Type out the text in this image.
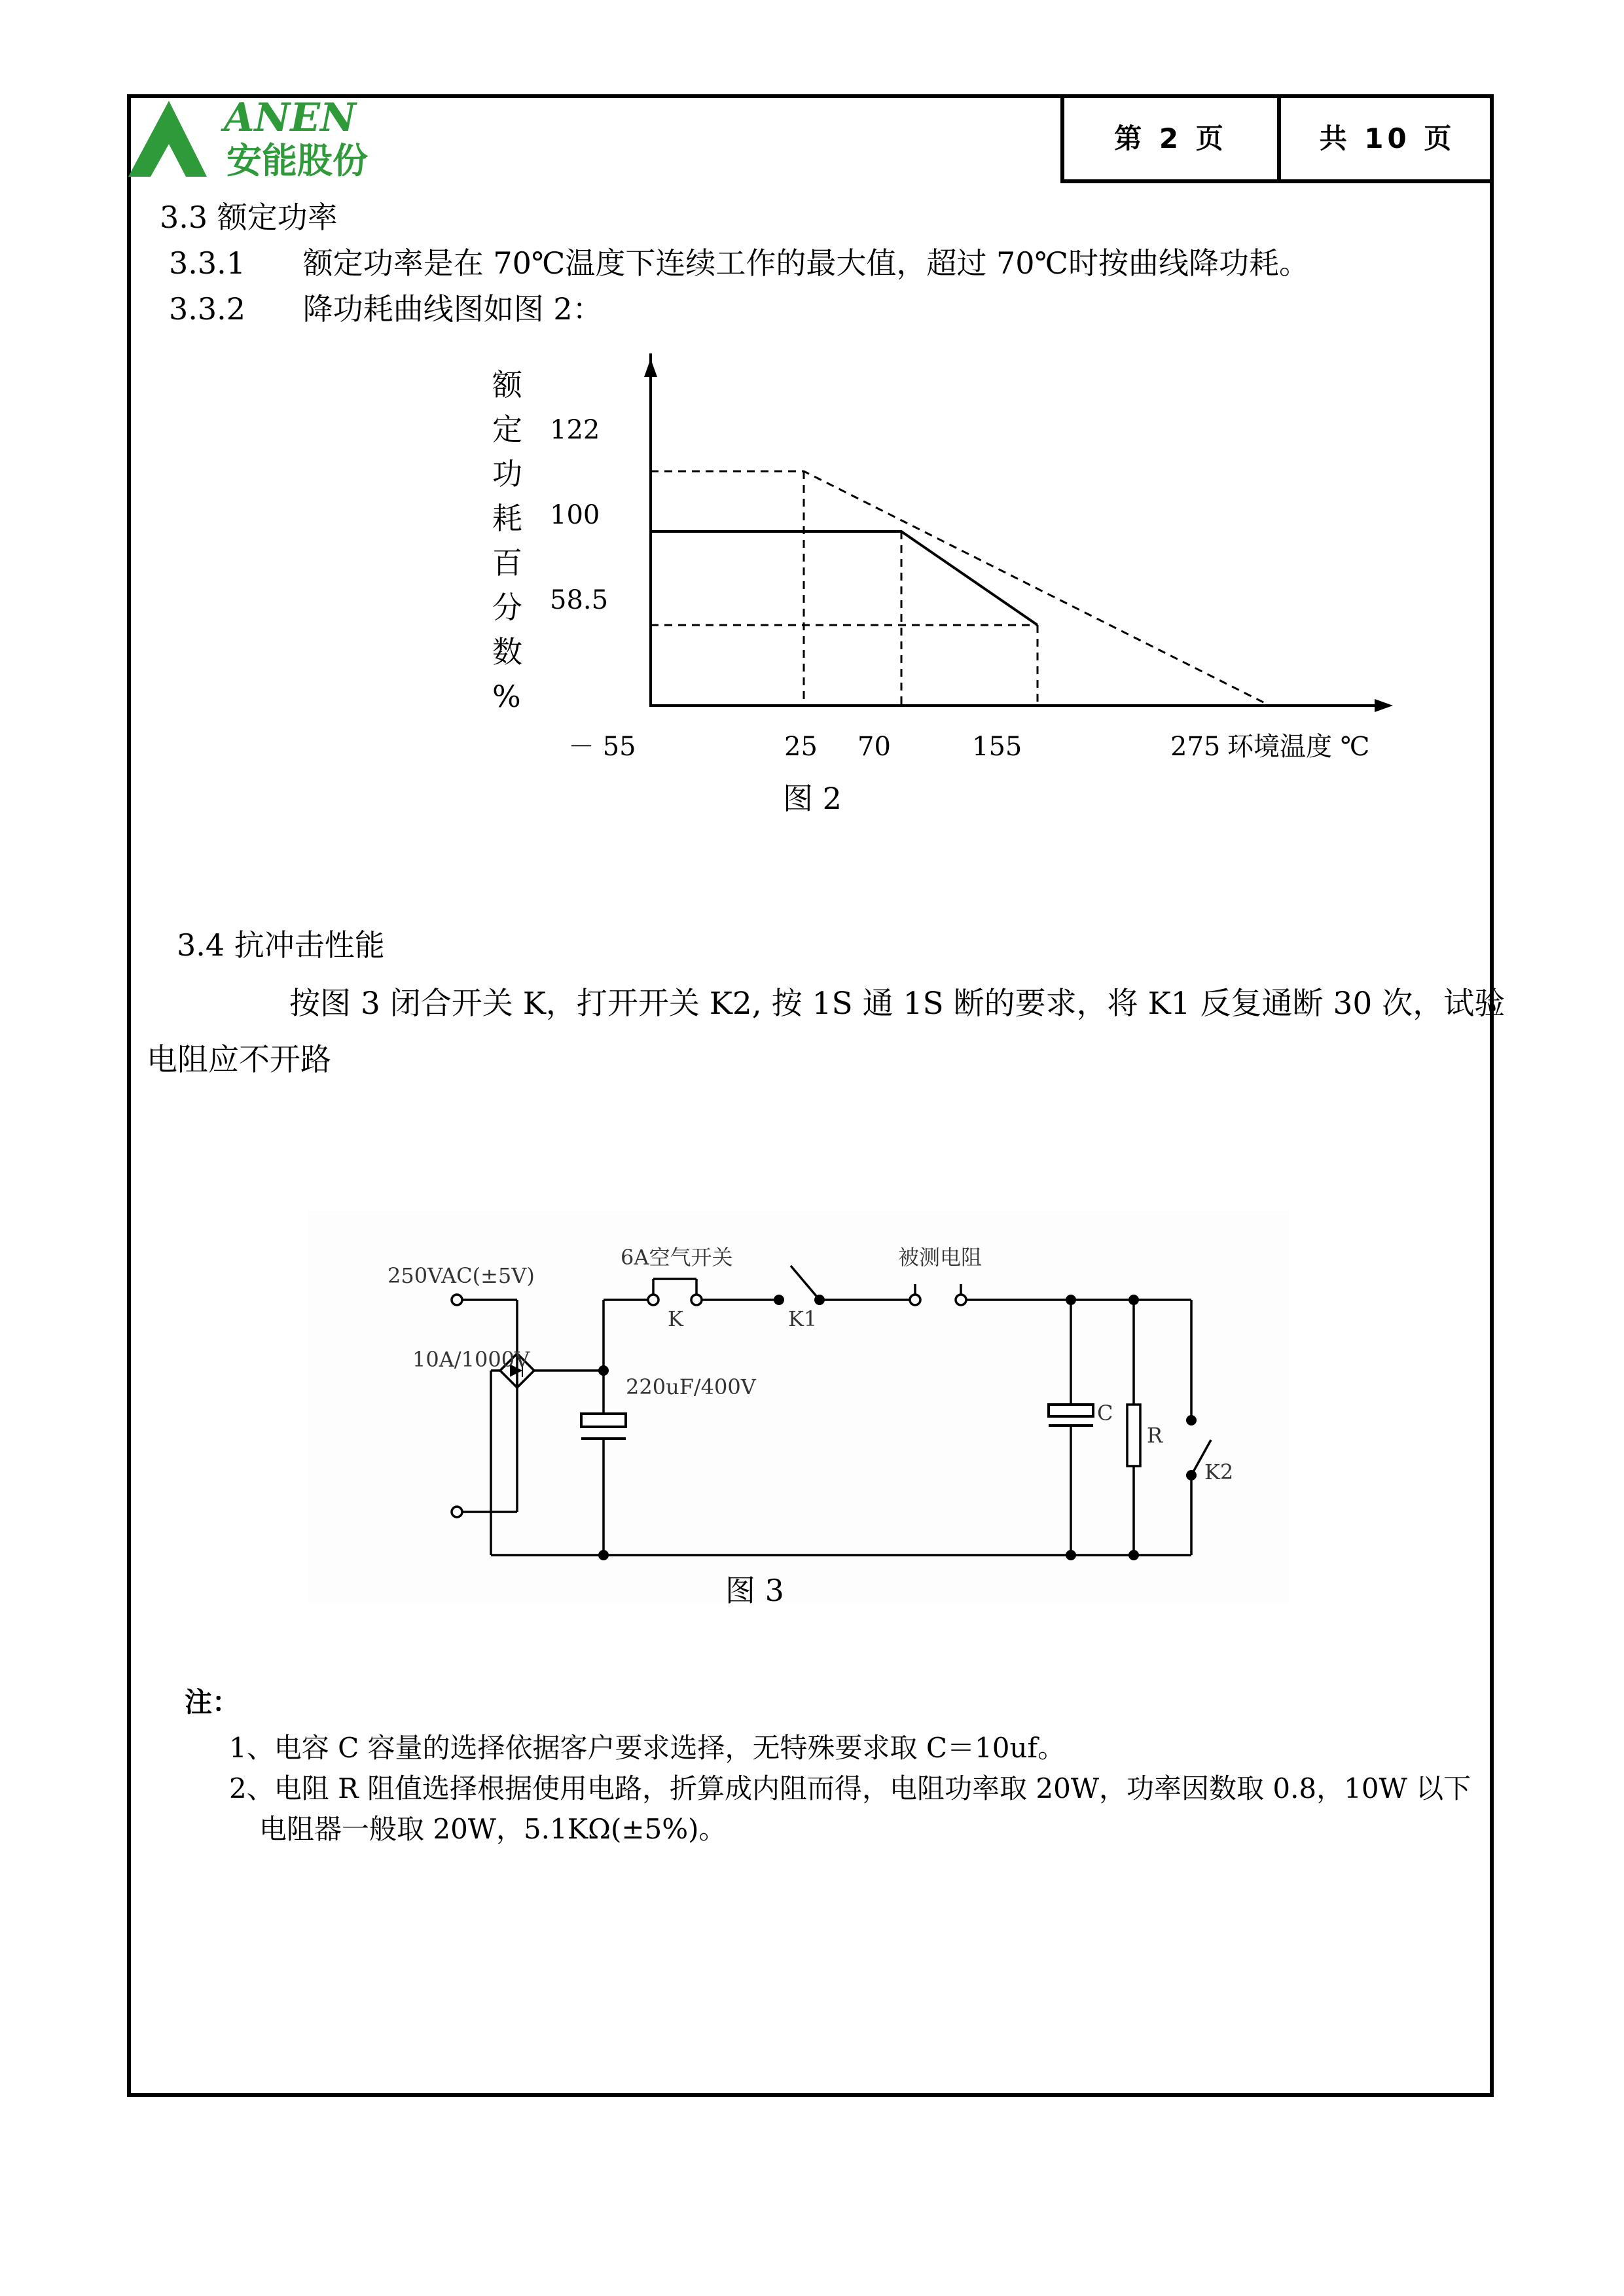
ANEN
安能股份
第 2 页	共 10 页
3.3 额定功率
3.3.1      额定功率是在 70℃温度下连续工作的最大值，超过 70℃时按曲线降功耗。
3.3.2      降功耗曲线图如图 2：
额
定
功
耗
百
分
数
%
－ 55	25 70	155	275
122
100
58.5
环境温度 ℃
图 2
3.4 抗冲击性能
按图 3 闭合开关 K，打开开关 K2, 按 1S 通 1S 断的要求，将 K1 反复通断 30 次，试验
电阻应不开路
250VAC(±5V)
6A空气开关	被测电阻
10A/1000V
220uF/400V
K	K1
C
R
K2
图 3
注：
1、电容 C 容量的选择依据客户要求选择，无特殊要求取 C＝10uf。
2、电阻 R 阻值选择根据使用电路，折算成内阻而得，电阻功率取 20W，功率因数取 0.8，10W 以下
电阻器一般取 20W，5.1KΩ(±5%)。
